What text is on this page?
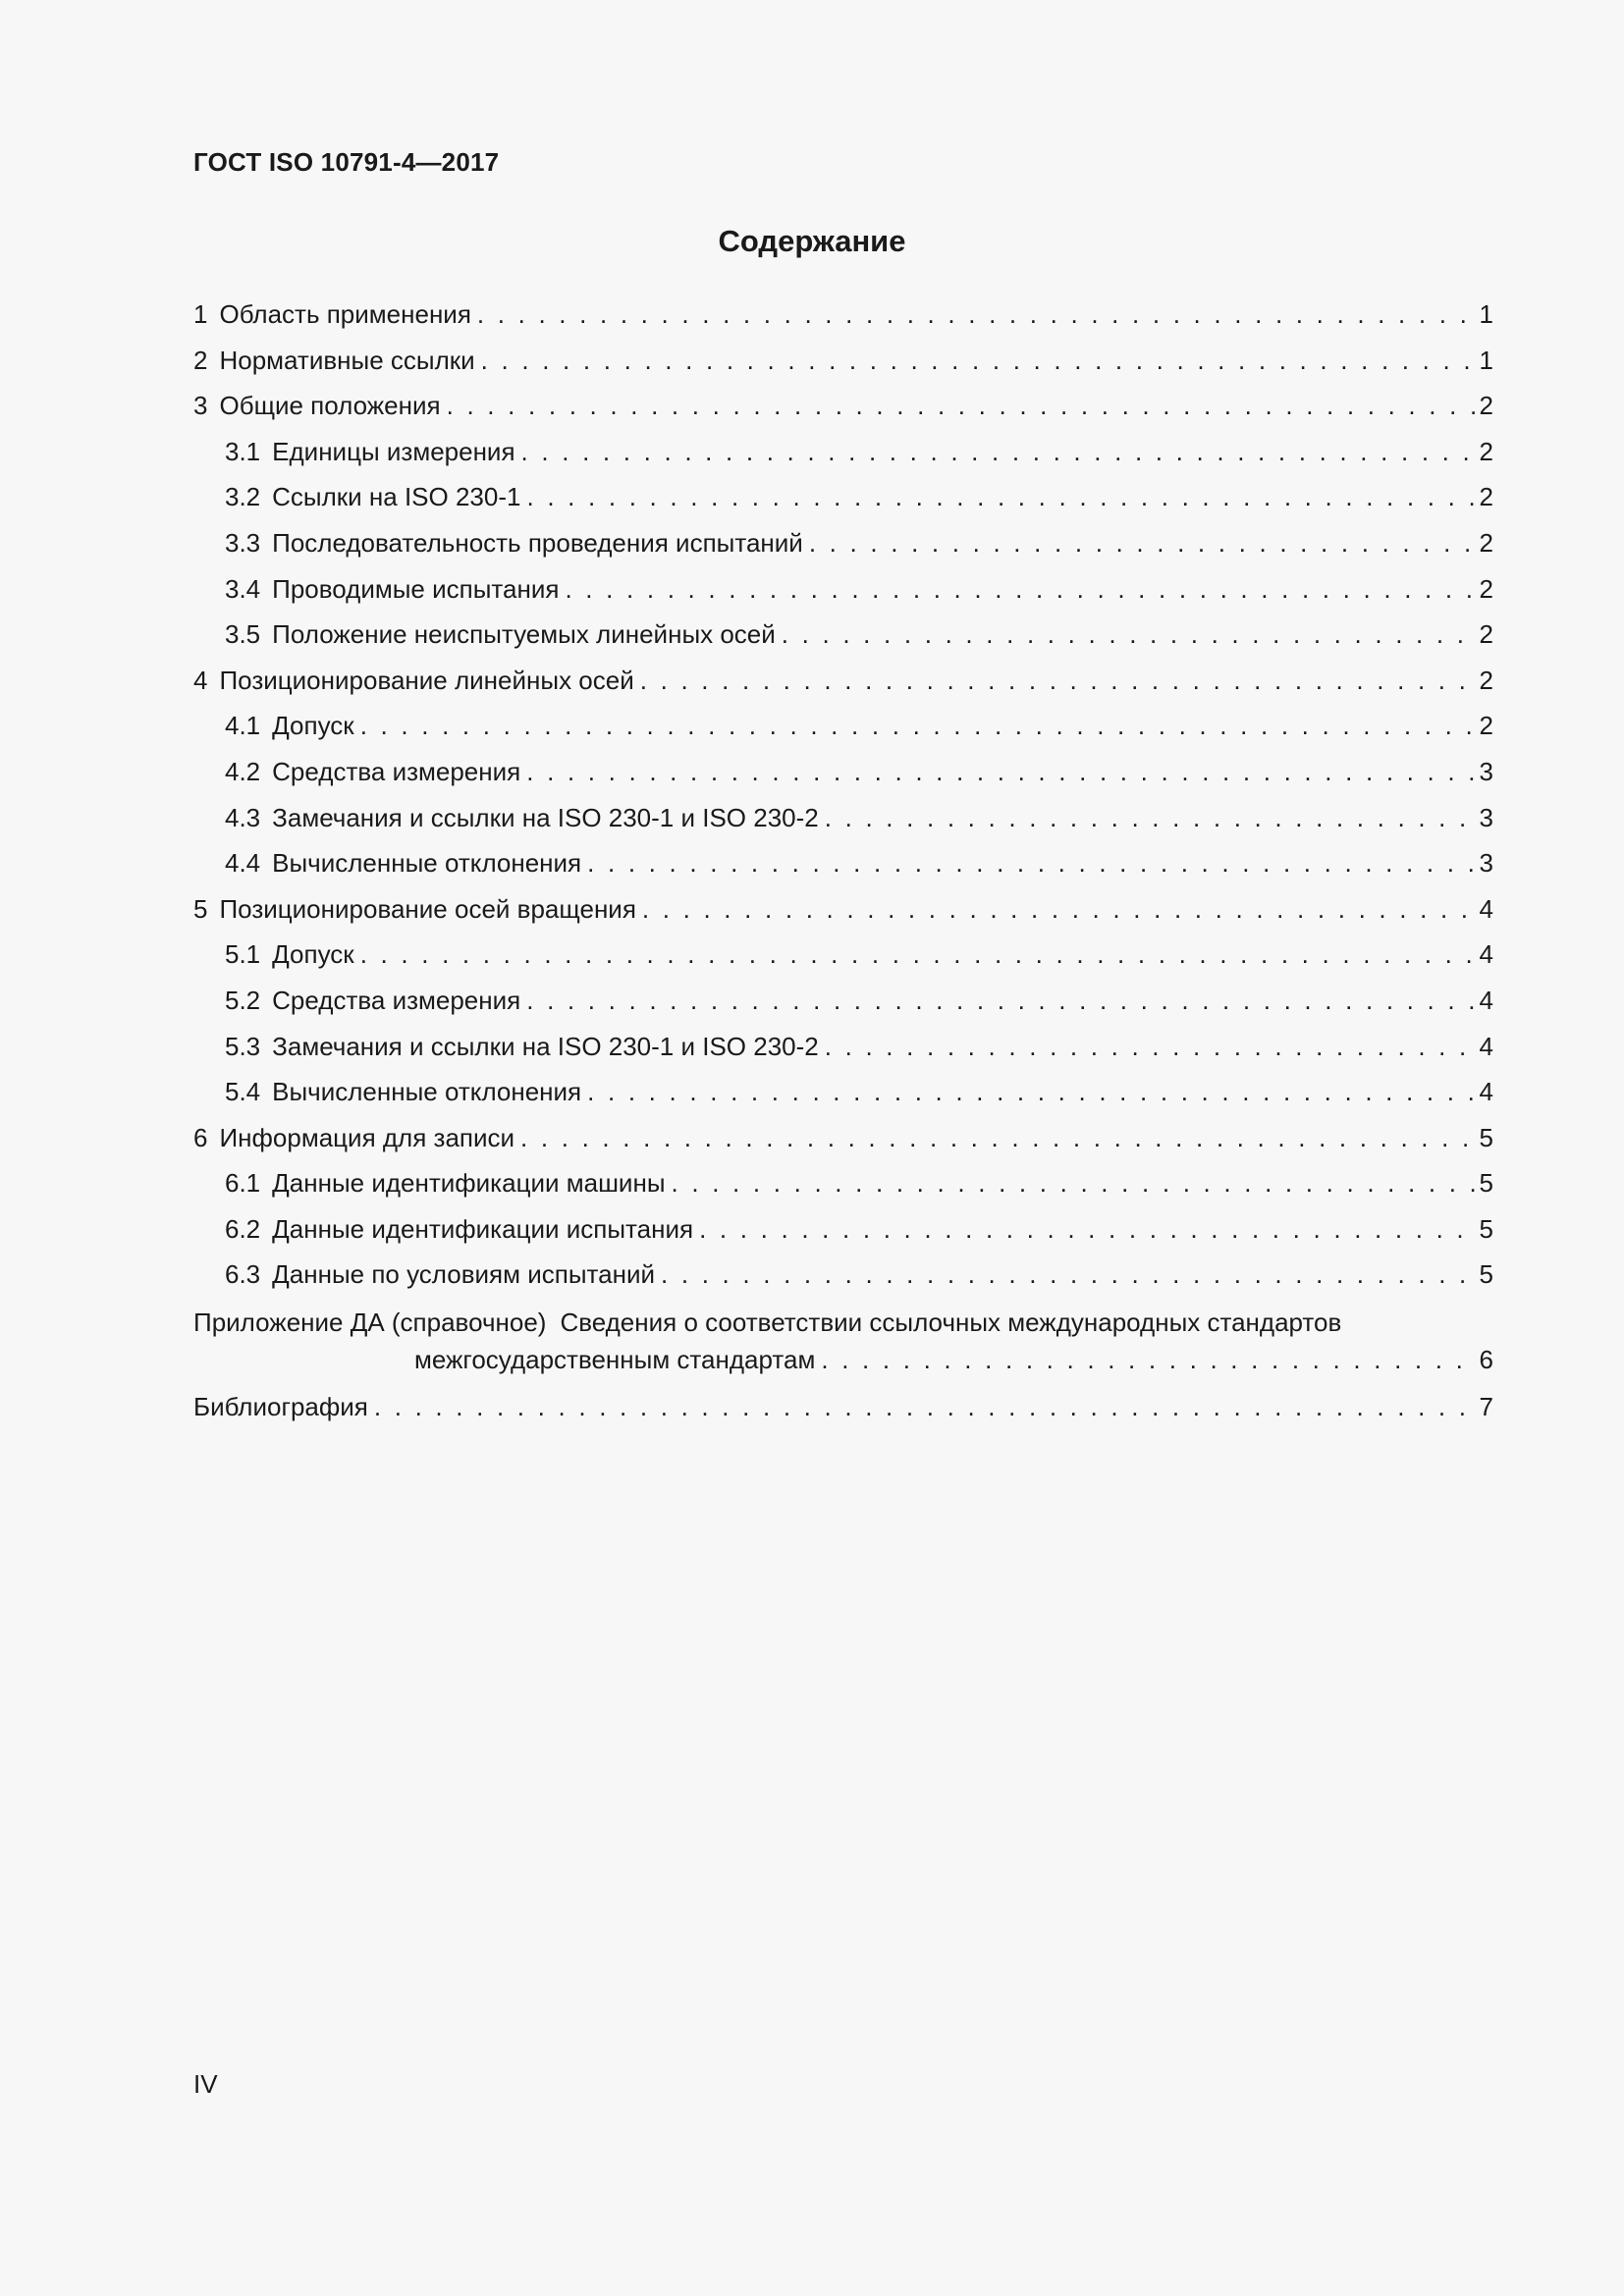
ГОСТ ISO 10791-4—2017
Содержание
1 Область применения . . .	1
2 Нормативные ссылки . . .	1
3 Общие положения . . .	2
3.1 Единицы измерения . . .	2
3.2 Ссылки на ISO 230-1 . . .	2
3.3 Последовательность проведения испытаний . . .	2
3.4 Проводимые испытания . . .	2
3.5 Положение неиспытуемых линейных осей . . .	2
4 Позиционирование линейных осей . . .	2
4.1 Допуск . . .	2
4.2 Средства измерения . . .	3
4.3 Замечания и ссылки на ISO 230-1 и ISO 230-2 . . .	3
4.4 Вычисленные отклонения . . .	3
5 Позиционирование осей вращения . . .	4
5.1 Допуск . . .	4
5.2 Средства измерения . . .	4
5.3 Замечания и ссылки на ISO 230-1 и ISO 230-2 . . .	4
5.4 Вычисленные отклонения . . .	4
6 Информация для записи . . .	5
6.1 Данные идентификации машины . . .	5
6.2 Данные идентификации испытания . . .	5
6.3 Данные по условиям испытаний . . .	5
Приложение ДА (справочное) Сведения о соответствии ссылочных международных стандартов
межгосударственным стандартам . . .	6
Библиография . . .	7
IV
